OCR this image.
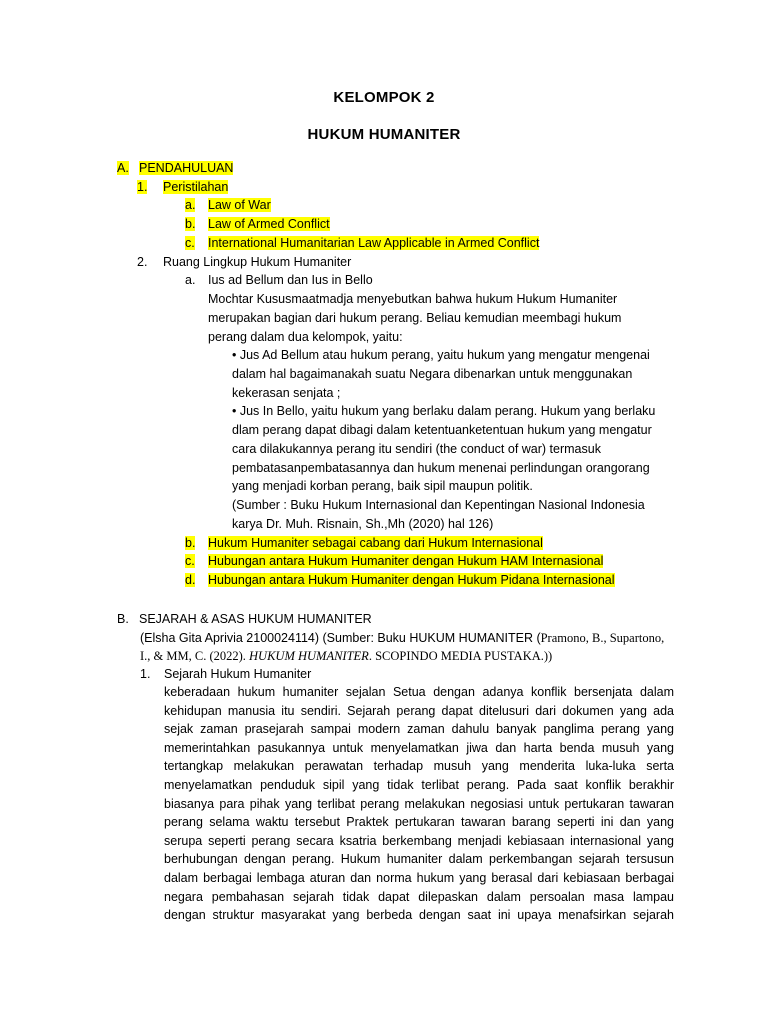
KELOMPOK 2
HUKUM HUMANITER
A. PENDAHULUAN
1. Peristilahan
a. Law of War
b. Law of Armed Conflict
c. International Humanitarian Law Applicable in Armed Conflict
2. Ruang Lingkup Hukum Humaniter
a. Ius ad Bellum dan Ius in Bello
Mochtar Kususmaatmadja menyebutkan bahwa hukum Hukum Humaniter
merupakan bagian dari hukum perang. Beliau kemudian meembagi hukum
perang dalam dua kelompok, yaitu:
• Jus Ad Bellum atau hukum perang, yaitu hukum yang mengatur mengenai
dalam hal bagaimanakah suatu Negara dibenarkan untuk menggunakan
kekerasan senjata ;
• Jus In Bello, yaitu hukum yang berlaku dalam perang. Hukum yang berlaku
dlam perang dapat dibagi dalam ketentuanketentuan hukum yang mengatur
cara dilakukannya perang itu sendiri (the conduct of war) termasuk
pembatasanpembatasannya dan hukum menenai perlindungan orangorang
yang menjadi korban perang, baik sipil maupun politik.
(Sumber : Buku Hukum Internasional dan Kepentingan Nasional Indonesia
karya Dr. Muh. Risnain, Sh.,Mh (2020) hal 126)
b. Hukum Humaniter sebagai cabang dari Hukum Internasional
c. Hubungan antara Hukum Humaniter dengan Hukum HAM Internasional
d. Hubungan antara Hukum Humaniter dengan Hukum Pidana Internasional
B. SEJARAH & ASAS HUKUM HUMANITER
(Elsha Gita Aprivia 2100024114) (Sumber: Buku HUKUM HUMANITER (Pramono, B., Supartono,
I., & MM, C. (2022). HUKUM HUMANITER. SCOPINDO MEDIA PUSTAKA.))
1. Sejarah Hukum Humaniter
keberadaan hukum humaniter sejalan Setua dengan adanya konflik bersenjata dalam
kehidupan manusia itu sendiri. Sejarah perang dapat ditelusuri dari dokumen yang ada
sejak zaman prasejarah sampai modern zaman dahulu banyak panglima perang yang
memerintahkan pasukannya untuk menyelamatkan jiwa dan harta benda musuh yang
tertangkap melakukan perawatan terhadap musuh yang menderita luka-luka serta
menyelamatkan penduduk sipil yang tidak terlibat perang. Pada saat konflik berakhir
biasanya para pihak yang terlibat perang melakukan negosiasi untuk pertukaran tawaran
perang selama waktu tersebut Praktek pertukaran tawaran barang seperti ini dan yang
serupa seperti perang secara ksatria berkembang menjadi kebiasaan internasional yang
berhubungan dengan perang. Hukum humaniter dalam perkembangan sejarah tersusun
dalam berbagai lembaga aturan dan norma hukum yang berasal dari kebiasaan berbagai
negara pembahasan sejarah tidak dapat dilepaskan dalam persoalan masa lampau
dengan struktur masyarakat yang berbeda dengan saat ini upaya menafsirkan sejarah
